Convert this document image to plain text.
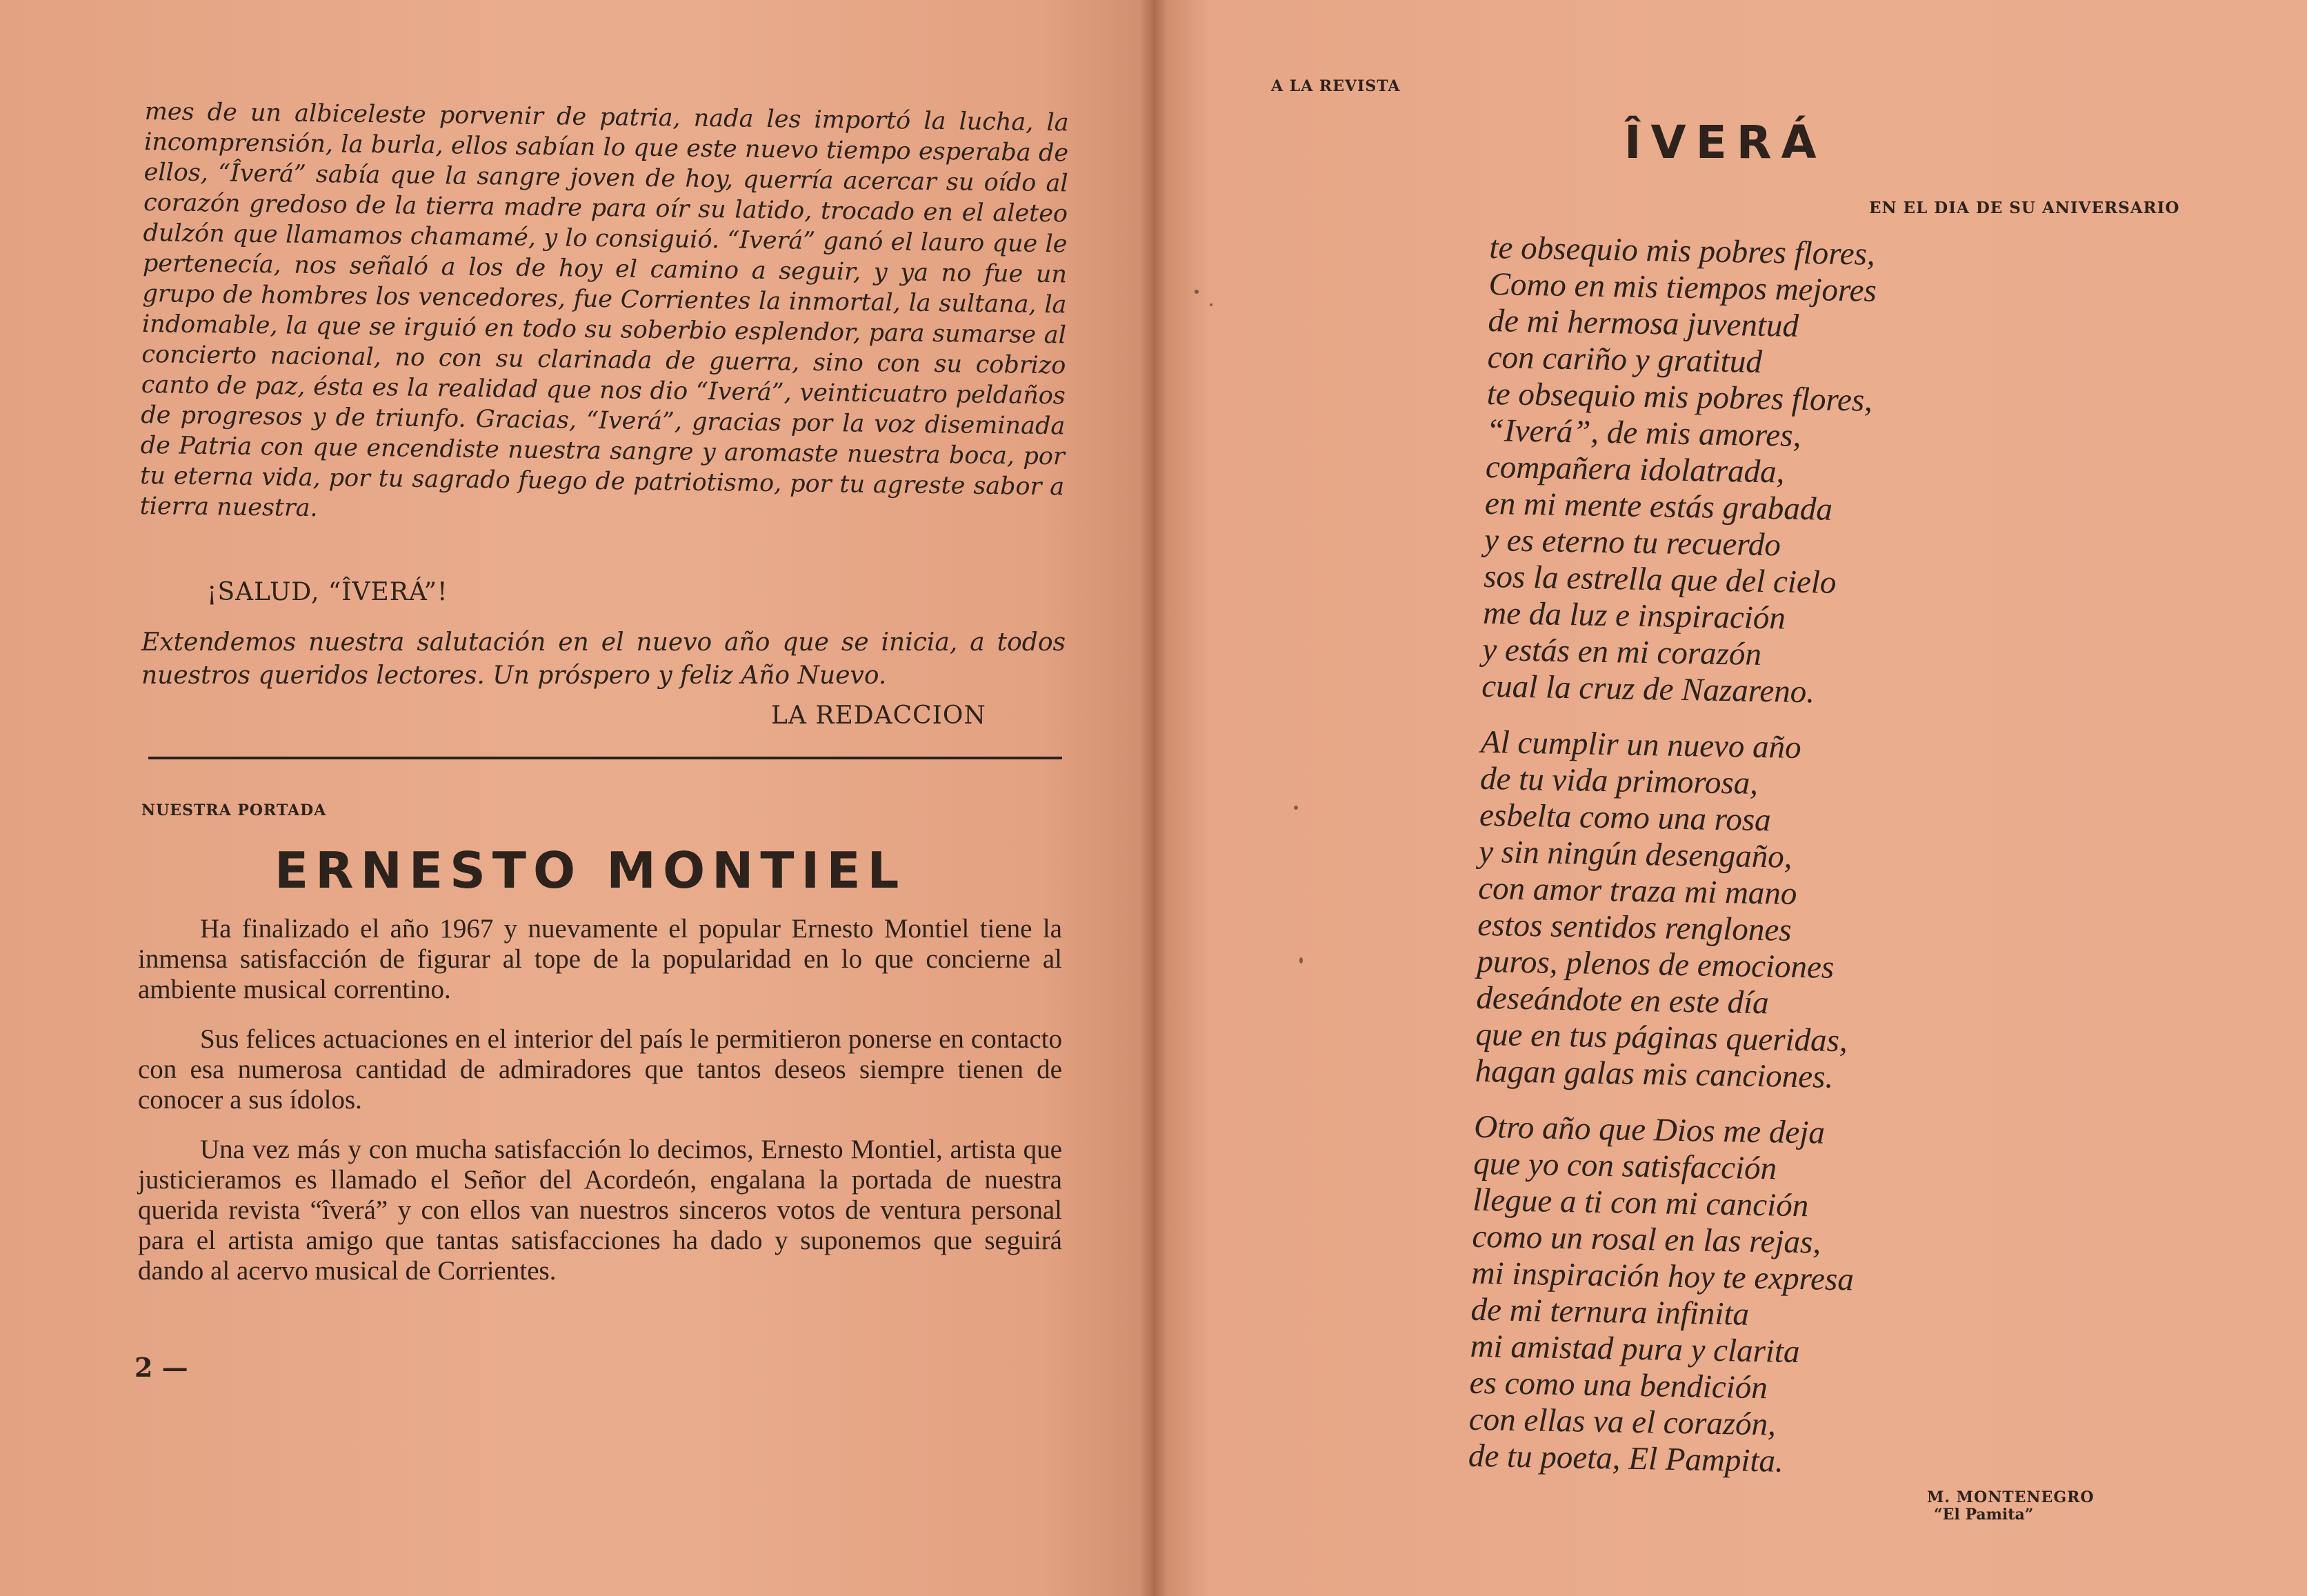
mes de un albiceleste porvenir de patria, nada les importó la lucha, la incomprensión, la burla, ellos sabían lo que este nuevo tiempo esperaba de ellos, “Îverá” sabía que la sangre joven de hoy, querría acercar su oído al corazón gredoso de la tierra madre para oír su latido, trocado en el aleteo dulzón que llamamos chamamé, y lo consiguió. “Iverá” ganó el lauro que le pertenecía, nos señaló a los de hoy el camino a seguir, y ya no fue un grupo de hombres los vencedores, fue Corrientes la inmortal, la sultana, la indomable, la que se irguió en todo su soberbio esplendor, para sumarse al concierto nacional, no con su clarinada de guerra, sino con su cobrizo canto de paz, ésta es la realidad que nos dio “Iverá”, veinticuatro peldaños de progresos y de triunfo. Gracias, “Iverá”, gracias por la voz diseminada de Patria con que encendiste nuestra sangre y aromaste nuestra boca, por tu eterna vida, por tu sagrado fuego de patriotismo, por tu agreste sabor a tierra nuestra.
¡SALUD, “ÎVERÁ”!
Extendemos nuestra salutación en el nuevo año que se inicia, a todos nuestros queridos lectores. Un próspero y feliz Año Nuevo.
LA REDACCION
NUESTRA PORTADA
ERNESTO MONTIEL
Ha finalizado el año 1967 y nuevamente el popular Ernesto Montiel tiene la inmensa satisfacción de figurar al tope de la popularidad en lo que concierne al ambiente musical correntino.
Sus felices actuaciones en el interior del país le permitieron ponerse en contacto con esa numerosa cantidad de admiradores que tantos deseos siempre tienen de conocer a sus ídolos.
Una vez más y con mucha satisfacción lo decimos, Ernesto Montiel, artista que justicieramos es llamado el Señor del Acordeón, engalana la portada de nuestra querida revista “îverá” y con ellos van nuestros sinceros votos de ventura personal para el artista amigo que tantas satisfacciones ha dado y suponemos que seguirá dando al acervo musical de Corrientes.
2 —
A LA REVISTA
ÎVERÁ
EN EL DIA DE SU ANIVERSARIO
te obsequio mis pobres flores,
Como en mis tiempos mejores
de mi hermosa juventud
con cariño y gratitud
te obsequio mis pobres flores,
“Iverá”, de mis amores,
compañera idolatrada,
en mi mente estás grabada
y es eterno tu recuerdo
sos la estrella que del cielo
me da luz e inspiración
y estás en mi corazón
cual la cruz de Nazareno.
Al cumplir un nuevo año
de tu vida primorosa,
esbelta como una rosa
y sin ningún desengaño,
con amor traza mi mano
estos sentidos renglones
puros, plenos de emociones
deseándote en este día
que en tus páginas queridas,
hagan galas mis canciones.
Otro año que Dios me deja
que yo con satisfacción
llegue a ti con mi canción
como un rosal en las rejas,
mi inspiración hoy te expresa
de mi ternura infinita
mi amistad pura y clarita
es como una bendición
con ellas va el corazón,
de tu poeta, El Pampita.
M. MONTENEGRO
“El Pamita”
